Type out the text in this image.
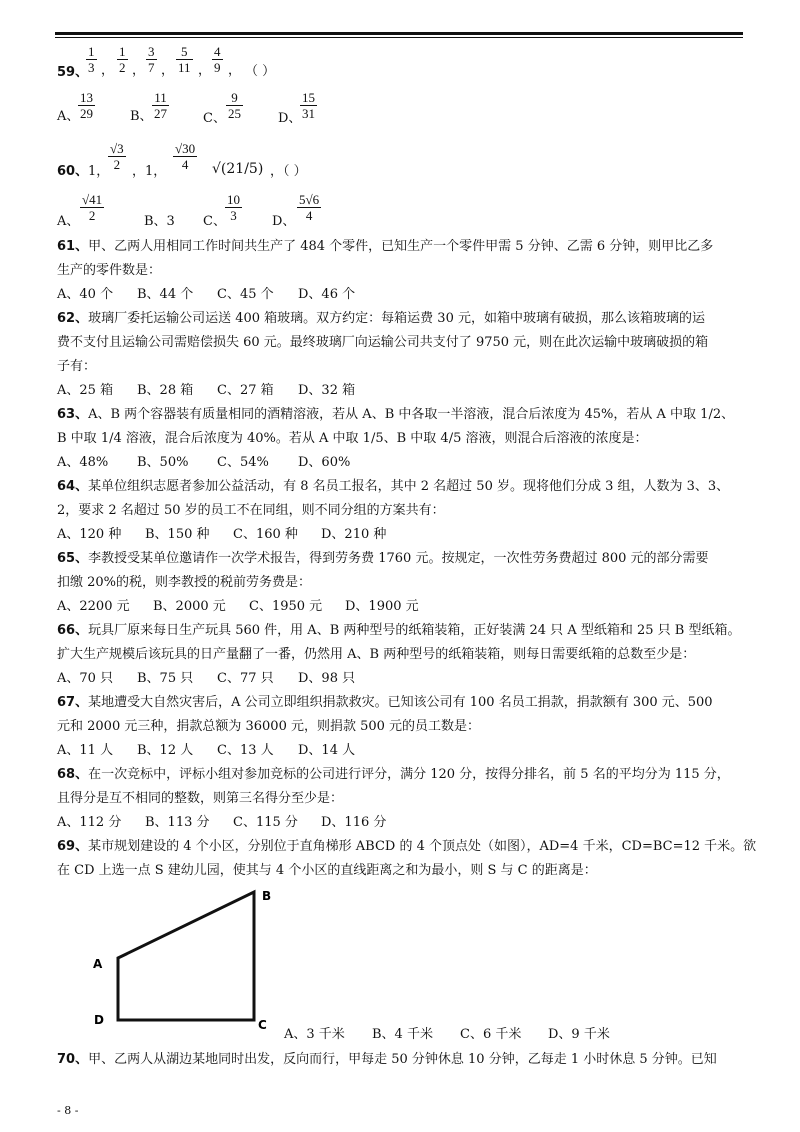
$\frac{1}{3}$ ， $\frac{1}{2}$ ， $\frac{3}{7}$ ， $\frac{5}{11}$ ， $\frac{4}{9}$ ，
59、	（ ）
A、
$\frac{13}{29}$	B、 $\frac{11}{27}$	C、 $\frac{9}{25}$	D、
$\frac{15}{31}$
60、 1，
$\frac{√3}{2}$ ，1， $\frac{√30}{4} √(21/5)$ ，（ ）
A、 $\frac{√41}{2}$	B、3 C、 $\frac{10}{3}$ D、 $\frac{5√6}{4}$
61、甲、乙两人用相同工作时间共生产了 484 个零件，已知生产一个零件甲需 5 分钟、乙需 6 分钟，则甲比乙多
生产的零件数是：
A、40 个 B、44 个 C、45 个 D、46 个
62、玻璃厂委托运输公司运送 400 箱玻璃。双方约定：每箱运费 30 元，如箱中玻璃有破损，那么该箱玻璃的运
费不支付且运输公司需赔偿损失 60 元。最终玻璃厂向运输公司共支付了 9750 元，则在此次运输中玻璃破损的箱
子有：
A、25 箱 B、28 箱 C、27 箱 D、32 箱
63、A、B 两个容器装有质量相同的酒精溶液，若从 A、B 中各取一半溶液，混合后浓度为 45%，若从 A 中取 1/2、
B 中取 1/4 溶液，混合后浓度为 40%。若从 A 中取 1/5、B 中取 4/5 溶液，则混合后溶液的浓度是：
A、48% B、50% C、54% D、60%
64、某单位组织志愿者参加公益活动，有 8 名员工报名，其中 2 名超过 50 岁。现将他们分成 3 组，人数为 3、3、
2，要求 2 名超过 50 岁的员工不在同组，则不同分组的方案共有：
A、120 种 B、150 种 C、160 种 D、210 种
65、李教授受某单位邀请作一次学术报告，得到劳务费 1760 元。按规定，一次性劳务费超过 800 元的部分需要
扣缴 20%的税，则李教授的税前劳务费是：
A、2200 元 B、2000 元 C、1950 元 D、1900 元
66、玩具厂原来每日生产玩具 560 件，用 A、B 两种型号的纸箱装箱，正好装满 24 只 A 型纸箱和 25 只 B 型纸箱。
扩大生产规模后该玩具的日产量翻了一番，仍然用 A、B 两种型号的纸箱装箱，则每日需要纸箱的总数至少是：
A、70 只 B、75 只 C、77 只 D、98 只
67、某地遭受大自然灾害后，A 公司立即组织捐款救灾。已知该公司有 100 名员工捐款，捐款额有 300 元、500
元和 2000 元三种，捐款总额为 36000 元，则捐款 500 元的员工数是：
A、11 人 B、12 人 C、13 人 D、14 人
68、在一次竞标中，评标小组对参加竞标的公司进行评分，满分 120 分，按得分排名，前 5 名的平均分为 115 分，
且得分是互不相同的整数，则第三名得分至少是：
A、112 分 B、113 分 C、115 分 D、116 分
69、某市规划建设的 4 个小区，分别位于直角梯形 ABCD 的 4 个顶点处（如图），AD=4 千米，CD=BC=12 千米。欲
在 CD 上选一点 S 建幼儿园，使其与 4 个小区的直线距离之和为最小，则 S 与 C 的距离是：
A
B
C
D
A、3 千米 B、4 千米 C、6 千米 D、9 千米
70、甲、乙两人从湖边某地同时出发，反向而行，甲每走 50 分钟休息 10 分钟，乙每走 1 小时休息 5 分钟。已知
- 8 -
